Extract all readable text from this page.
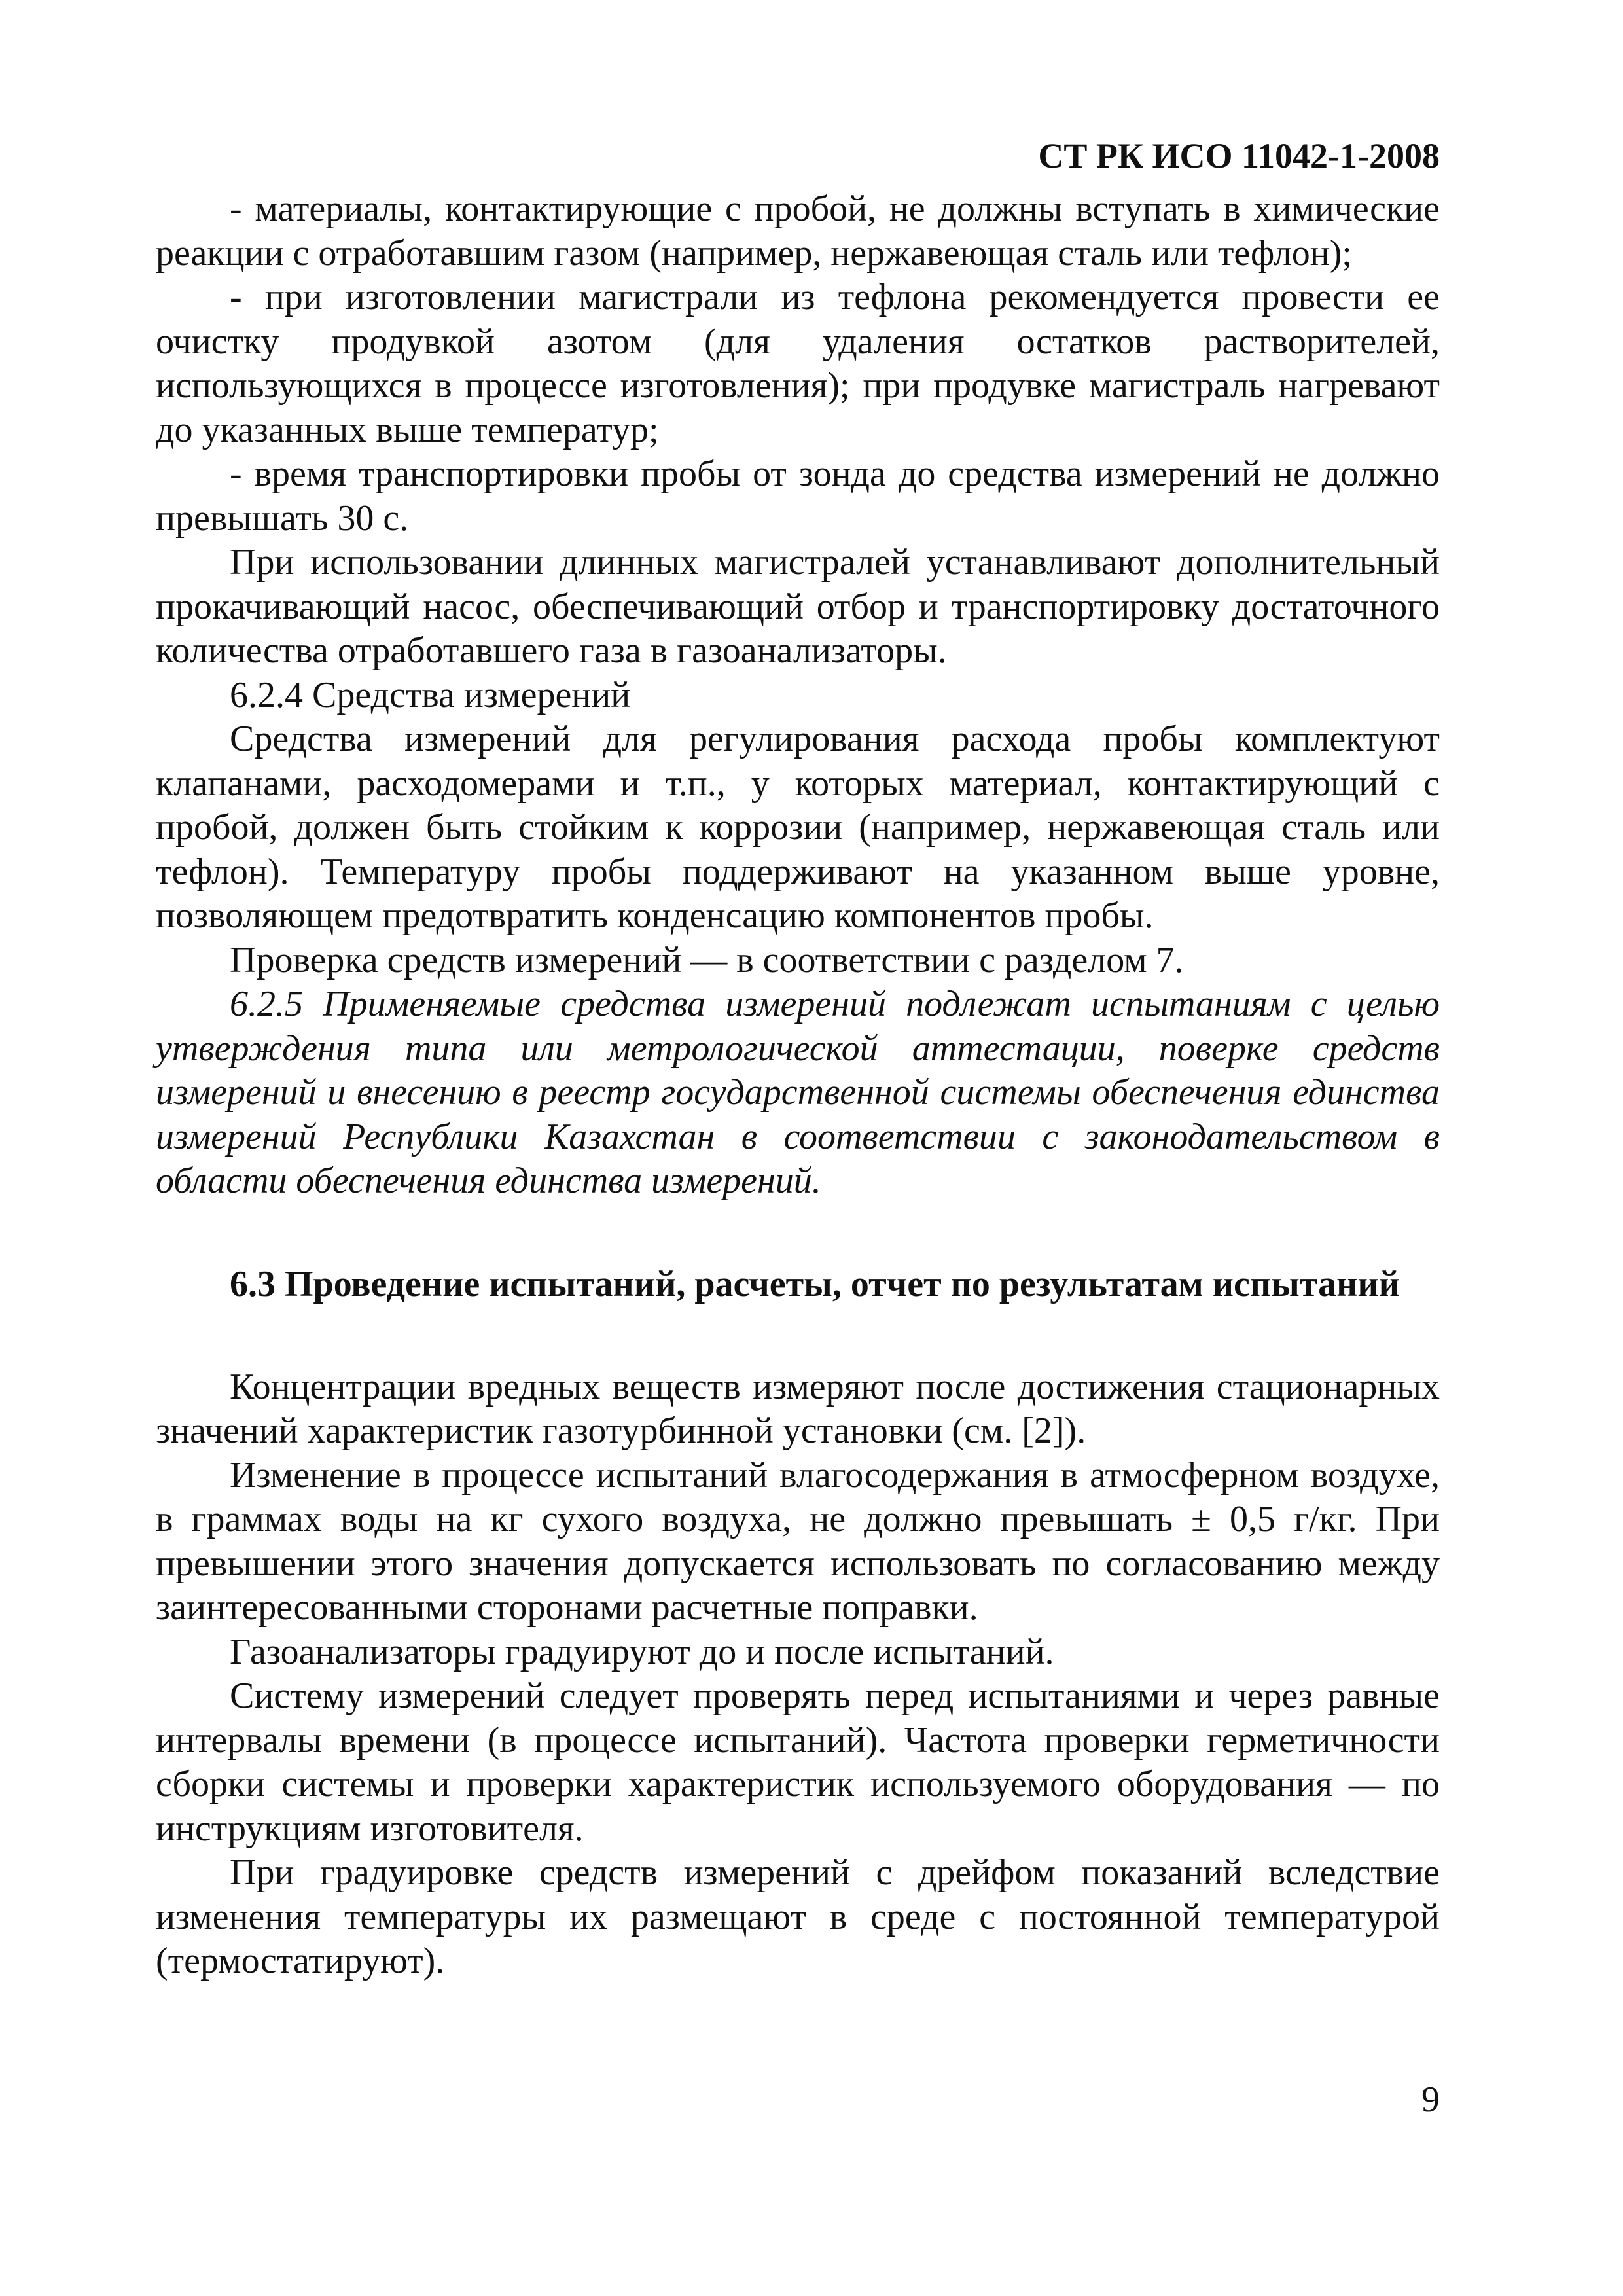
СТ РК ИСО 11042-1-2008

- материалы, контактирующие с пробой, не должны вступать в химические реакции с отработавшим газом (например, нержавеющая сталь или тефлон);

- при изготовлении магистрали из тефлона рекомендуется провести ее очистку продувкой азотом (для удаления остатков растворителей, использующихся в процессе изготовления); при продувке магистраль нагревают до указанных выше температур;

- время транспортировки пробы от зонда до средства измерений не должно превышать 30 с.

При использовании длинных магистралей устанавливают дополнительный прокачивающий насос, обеспечивающий отбор и транспортировку достаточного количества отработавшего газа в газоанализаторы.

6.2.4 Средства измерений

Средства измерений для регулирования расхода пробы комплектуют клапанами, расходомерами и т.п., у которых материал, контактирующий с пробой, должен быть стойким к коррозии (например, нержавеющая сталь или тефлон). Температуру пробы поддерживают на указанном выше уровне, позволяющем предотвратить конденсацию компонентов пробы.

Проверка средств измерений — в соответствии с разделом 7.

6.2.5 Применяемые средства измерений подлежат испытаниям с целью утверждения типа или метрологической аттестации, поверке средств измерений и внесению в реестр государственной системы обеспечения единства измерений Республики Казахстан в соответствии с законодательством в области обеспечения единства измерений.

6.3 Проведение испытаний, расчеты, отчет по результатам испытаний

Концентрации вредных веществ измеряют после достижения стационарных значений характеристик газотурбинной установки (см. [2]).

Изменение в процессе испытаний влагосодержания в атмосферном воздухе, в граммах воды на кг сухого воздуха, не должно превышать ± 0,5 г/кг. При превышении этого значения допускается использовать по согласованию между заинтересованными сторонами расчетные поправки.

Газоанализаторы градуируют до и после испытаний.

Систему измерений следует проверять перед испытаниями и через равные интервалы времени (в процессе испытаний). Частота проверки герметичности сборки системы и проверки характеристик используемого оборудования — по инструкциям изготовителя.

При градуировке средств измерений с дрейфом показаний вследствие изменения температуры их размещают в среде с постоянной температурой (термостатируют).

9
